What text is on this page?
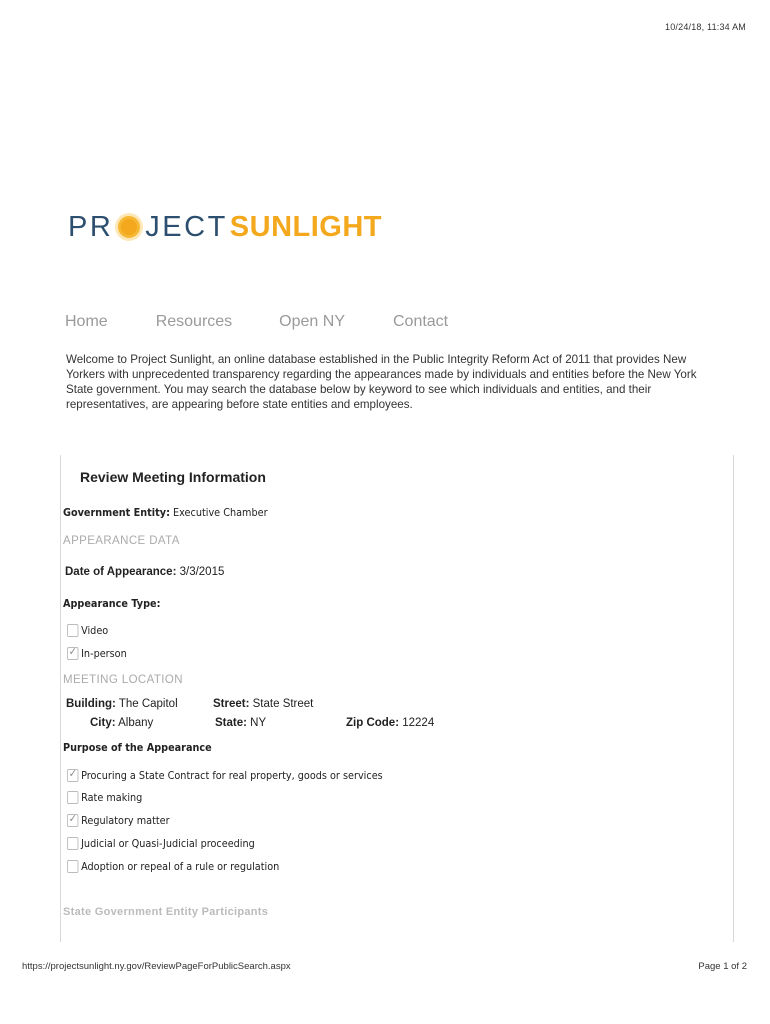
10/24/18, 11:34 AM
PR JECT SUNLIGHT
Home	Resources	Open NY	Contact
Welcome to Project Sunlight, an online database established in the Public Integrity Reform Act of 2011 that provides New Yorkers with unprecedented transparency regarding the appearances made by individuals and entities before the New York State government. You may search the database below by keyword to see which individuals and entities, and their representatives, are appearing before state entities and employees.
Review Meeting Information
Government Entity: Executive Chamber
APPEARANCE DATA
Date of Appearance: 3/3/2015
Appearance Type:
Video
✓
In-person
MEETING LOCATION
Building: The Capitol	Street: State Street
City: Albany	State: NY	Zip Code: 12224
Purpose of the Appearance
✓
Procuring a State Contract for real property, goods or services
Rate making
✓
Regulatory matter
Judicial or Quasi-Judicial proceeding
Adoption or repeal of a rule or regulation
State Government Entity Participants
https://projectsunlight.ny.gov/ReviewPageForPublicSearch.aspx	Page 1 of 2
